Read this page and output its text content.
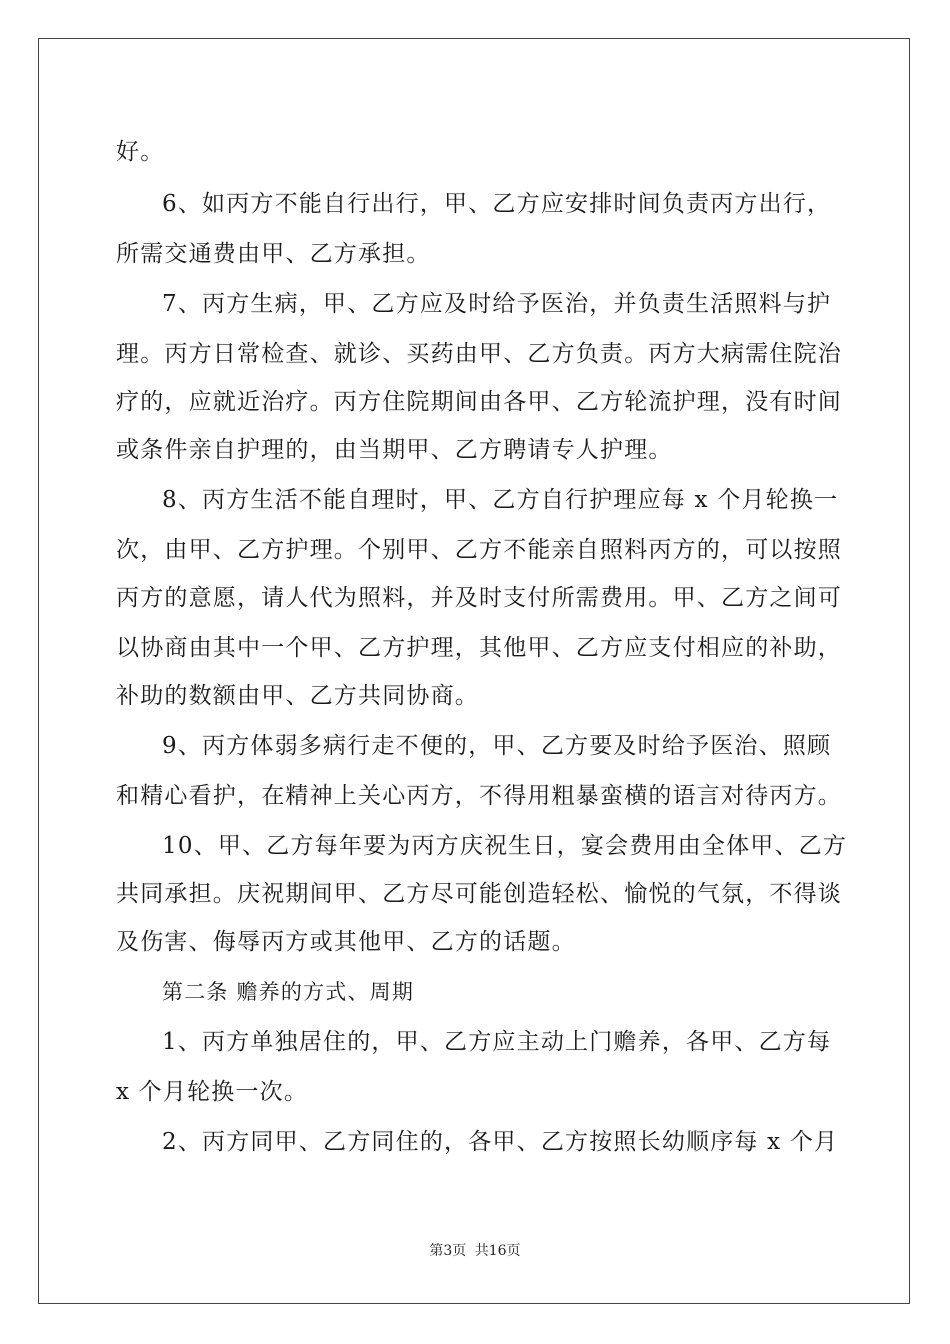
好。
6、如丙方不能自行出行，甲、乙方应安排时间负责丙方出行，
所需交通费由甲、乙方承担。
7、丙方生病，甲、乙方应及时给予医治，并负责生活照料与护
理。丙方日常检查、就诊、买药由甲、乙方负责。丙方大病需住院治
疗的，应就近治疗。丙方住院期间由各甲、乙方轮流护理，没有时间
或条件亲自护理的，由当期甲、乙方聘请专人护理。
8、丙方生活不能自理时，甲、乙方自行护理应每 x 个月轮换一
次，由甲、乙方护理。个别甲、乙方不能亲自照料丙方的，可以按照
丙方的意愿，请人代为照料，并及时支付所需费用。甲、乙方之间可
以协商由其中一个甲、乙方护理，其他甲、乙方应支付相应的补助，
补助的数额由甲、乙方共同协商。
9、丙方体弱多病行走不便的，甲、乙方要及时给予医治、照顾
和精心看护，在精神上关心丙方，不得用粗暴蛮横的语言对待丙方。
10、甲、乙方每年要为丙方庆祝生日，宴会费用由全体甲、乙方
共同承担。庆祝期间甲、乙方尽可能创造轻松、愉悦的气氛，不得谈
及伤害、侮辱丙方或其他甲、乙方的话题。
第二条 赡养的方式、周期
1、丙方单独居住的，甲、乙方应主动上门赡养，各甲、乙方每
x 个月轮换一次。
2、丙方同甲、乙方同住的，各甲、乙方按照长幼顺序每 x 个月
第3页 共16页
